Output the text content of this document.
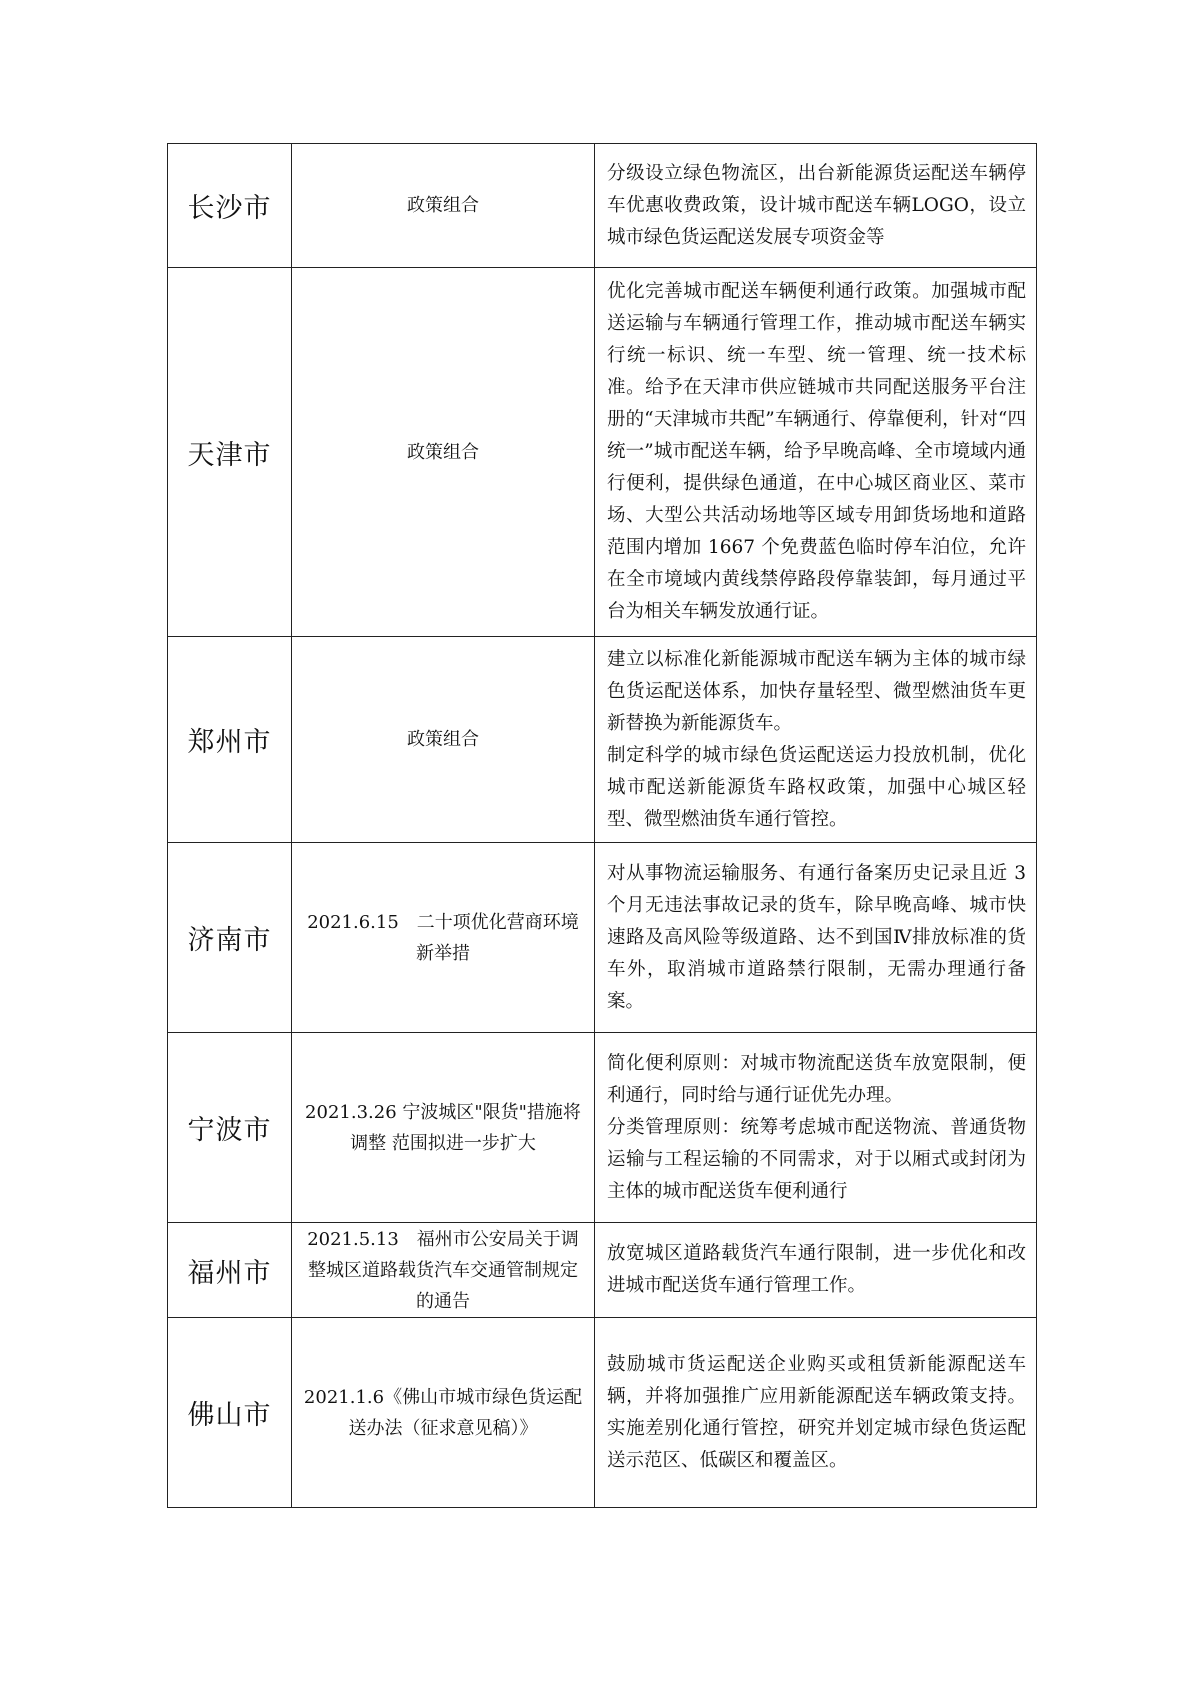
长沙市	政策组合	分级设立绿色物流区，出台新能源货运配送车辆停车优惠收费政策，设计城市配送车辆LOGO，设立城市绿色货运配送发展专项资金等

天津市	政策组合	优化完善城市配送车辆便利通行政策。加强城市配送运输与车辆通行管理工作，推动城市配送车辆实行统一标识、统一车型、统一管理、统一技术标准。给予在天津市供应链城市共同配送服务平台注册的“天津城市共配”车辆通行、停靠便利，针对“四统一”城市配送车辆，给予早晚高峰、全市境域内通行便利，提供绿色通道，在中心城区商业区、菜市场、大型公共活动场地等区域专用卸货场地和道路范围内增加 1667 个免费蓝色临时停车泊位，允许在全市境域内黄线禁停路段停靠装卸，每月通过平台为相关车辆发放通行证。

郑州市	政策组合	建立以标准化新能源城市配送车辆为主体的城市绿色货运配送体系，加快存量轻型、微型燃油货车更新替换为新能源货车。
制定科学的城市绿色货运配送运力投放机制，优化城市配送新能源货车路权政策，加强中心城区轻型、微型燃油货车通行管控。

济南市	2021.6.15　二十项优化营商环境新举措	对从事物流运输服务、有通行备案历史记录且近 3 个月无违法事故记录的货车，除早晚高峰、城市快速路及高风险等级道路、达不到国Ⅳ排放标准的货车外，取消城市道路禁行限制，无需办理通行备案。

宁波市	2021.3.26 宁波城区"限货"措施将调整 范围拟进一步扩大	简化便利原则：对城市物流配送货车放宽限制，便利通行，同时给与通行证优先办理。
分类管理原则：统筹考虑城市配送物流、普通货物运输与工程运输的不同需求，对于以厢式或封闭为主体的城市配送货车便利通行

福州市	2021.5.13　福州市公安局关于调整城区道路载货汽车交通管制规定的通告	放宽城区道路载货汽车通行限制，进一步优化和改进城市配送货车通行管理工作。

佛山市	2021.1.6《佛山市城市绿色货运配送办法（征求意见稿）》	鼓励城市货运配送企业购买或租赁新能源配送车辆，并将加强推广应用新能源配送车辆政策支持。实施差别化通行管控，研究并划定城市绿色货运配送示范区、低碳区和覆盖区。
